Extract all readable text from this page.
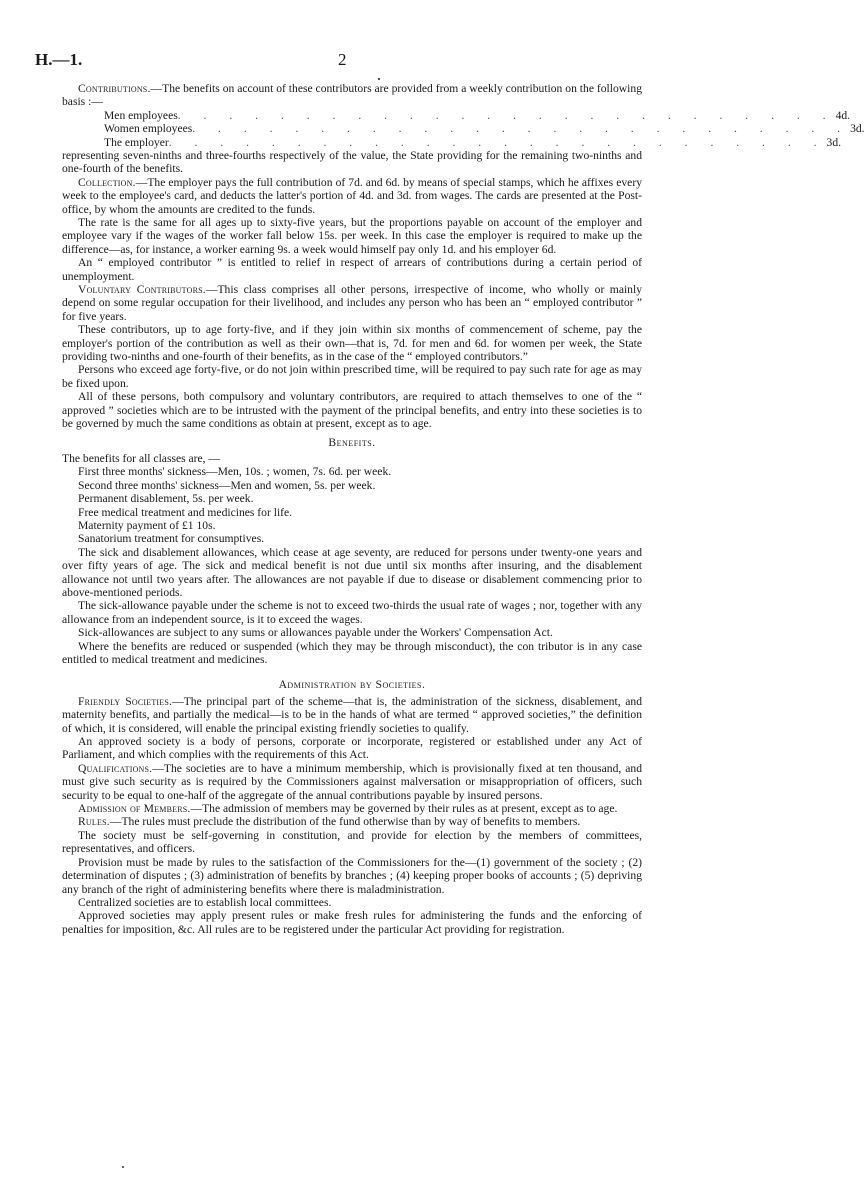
H.—1.	2

Contributions.—The benefits on account of these contributors are provided from a weekly contribution on the following basis :—

Men employees . . . . . . . . . . . . . . . . . . . . . . . . . . 4d.
Women employees . . . . . . . . . . . . . . . . . . . . . . . . . . 3d.
The employer . . . . . . . . . . . . . . . . . . . . . . . . . . 3d.

representing seven-ninths and three-fourths respectively of the value, the State providing for the remaining two-ninths and one-fourth of the benefits.

Collection.—The employer pays the full contribution of 7d. and 6d. by means of special stamps, which he affixes every week to the employee's card, and deducts the latter's portion of 4d. and 3d. from wages. The cards are presented at the Post-office, by whom the amounts are credited to the funds.

The rate is the same for all ages up to sixty-five years, but the proportions payable on account of the employer and employee vary if the wages of the worker fall below 15s. per week. In this case the employer is required to make up the difference—as, for instance, a worker earning 9s. a week would himself pay only 1d. and his employer 6d.

An “ employed contributor ” is entitled to relief in respect of arrears of contributions during a certain period of unemployment.

Voluntary Contributors.—This class comprises all other persons, irrespective of income, who wholly or mainly depend on some regular occupation for their livelihood, and includes any person who has been an “ employed contributor ” for five years.

These contributors, up to age forty-five, and if they join within six months of commencement of scheme, pay the employer's portion of the contribution as well as their own—that is, 7d. for men and 6d. for women per week, the State providing two-ninths and one-fourth of their benefits, as in the case of the “ employed contributors.”

Persons who exceed age forty-five, or do not join within prescribed time, will be required to pay such rate for age as may be fixed upon.

All of these persons, both compulsory and voluntary contributors, are required to attach themselves to one of the “ approved ” societies which are to be intrusted with the payment of the principal benefits, and entry into these societies is to be governed by much the same conditions as obtain at present, except as to age.

Benefits.

The benefits for all classes are, —

First three months' sickness—Men, 10s. ; women, 7s. 6d. per week.
Second three months' sickness—Men and women, 5s. per week.
Permanent disablement, 5s. per week.
Free medical treatment and medicines for life.
Maternity payment of £1 10s.
Sanatorium treatment for consumptives.

The sick and disablement allowances, which cease at age seventy, are reduced for persons under twenty-one years and over fifty years of age. The sick and medical benefit is not due until six months after insuring, and the disablement allowance not until two years after. The allowances are not payable if due to disease or disablement commencing prior to above-mentioned periods.

The sick-allowance payable under the scheme is not to exceed two-thirds the usual rate of wages ; nor, together with any allowance from an independent source, is it to exceed the wages.

Sick-allowances are subject to any sums or allowances payable under the Workers' Compensation Act.

Where the benefits are reduced or suspended (which they may be through misconduct), the con tributor is in any case entitled to medical treatment and medicines.

Administration by Societies.

Friendly Societies.—The principal part of the scheme—that is, the administration of the sickness, disablement, and maternity benefits, and partially the medical—is to be in the hands of what are termed “ approved societies,” the definition of which, it is considered, will enable the principal existing friendly societies to qualify.

An approved society is a body of persons, corporate or incorporate, registered or established under any Act of Parliament, and which complies with the requirements of this Act.

Qualifications.—The societies are to have a minimum membership, which is provisionally fixed at ten thousand, and must give such security as is required by the Commissioners against malversation or misappropriation of officers, such security to be equal to one-half of the aggregate of the annual contributions payable by insured persons.

Admission of Members.—The admission of members may be governed by their rules as at present, except as to age.

Rules.—The rules must preclude the distribution of the fund otherwise than by way of benefits to members.

The society must be self-governing in constitution, and provide for election by the members of committees, representatives, and officers.

Provision must be made by rules to the satisfaction of the Commissioners for the—(1) government of the society ; (2) determination of disputes ; (3) administration of benefits by branches ; (4) keeping proper books of accounts ; (5) depriving any branch of the right of administering benefits where there is maladministration.

Centralized societies are to establish local committees.

Approved societies may apply present rules or make fresh rules for administering the funds and the enforcing of penalties for imposition, &c. All rules are to be registered under the particular Act providing for registration.
